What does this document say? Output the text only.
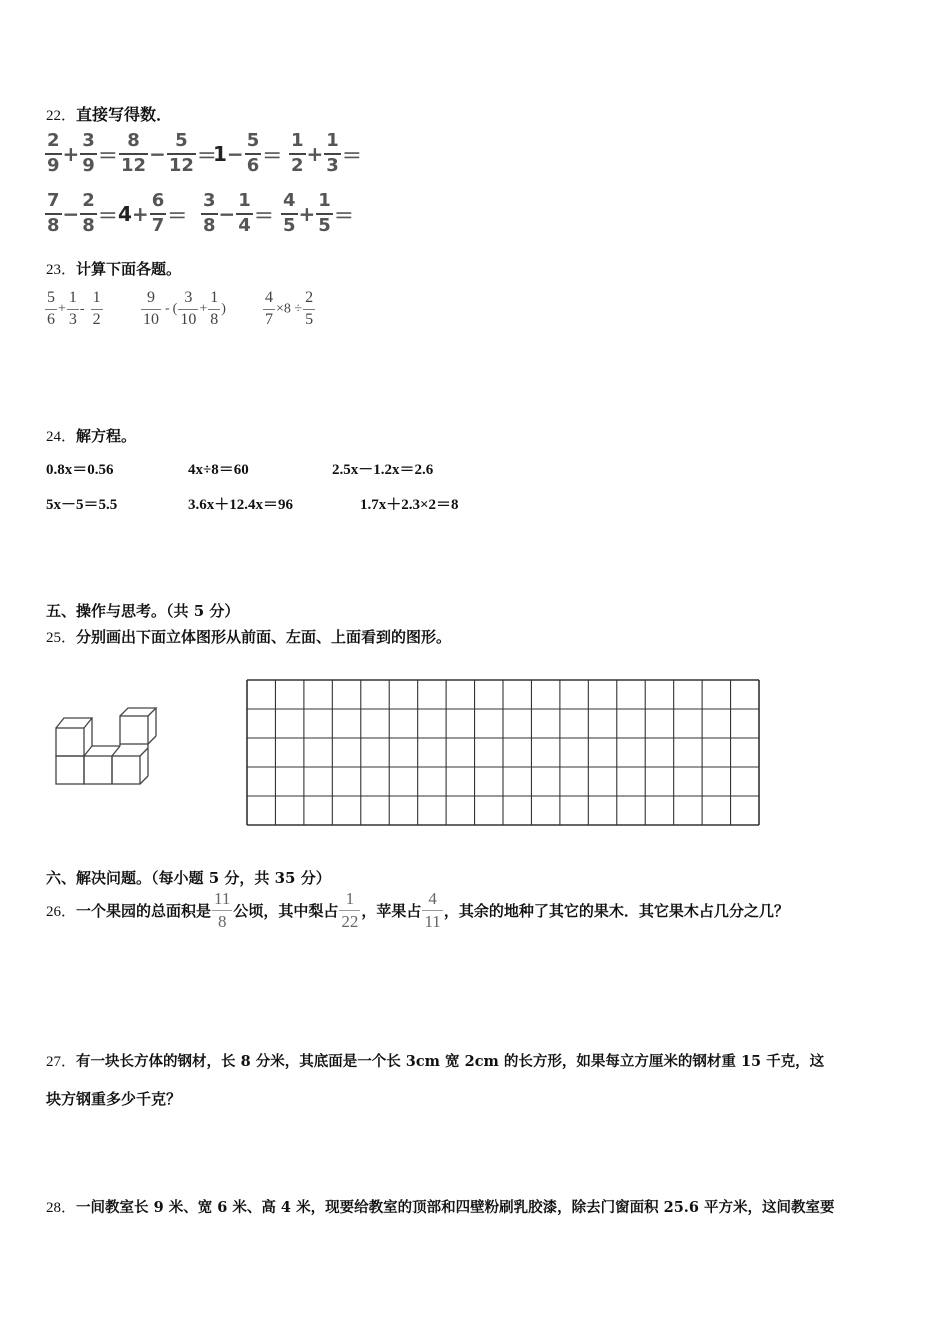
22．直接写得数．
$\frac{2}{9} + \frac{3}{9} = \frac{8}{12} - \frac{5}{12}$ ＝
$1- \frac{5}{6} = \frac{1}{2} + \frac{1}{3}$ ＝
$\frac{7}{8} - \frac{2}{8} = 4+ \frac{6}{7} = \frac{3}{8} - \frac{1}{4} = \frac{4}{5} + \frac{1}{5}$ ＝
23．计算下面各题。
$\frac{5}{6} + \frac{1}{3} - \frac{1}{2} \frac{9}{10}$ - ( $\frac{3}{10} + \frac{1}{8}$ ) $\frac{4}{7} \times 8 \div \frac{2}{5}$
24．解方程。
0.8x＝0.56	4x÷8＝60	2.5x－1.2x＝2.6
5x－5＝5.5	3.6x＋12.4x＝96	1.7x＋2.3×2＝8
五、操作与思考。（共 5 分）
25．分别画出下面立体图形从前面、左面、上面看到的图形。
六、解决问题。（每小题 5 分，共 35 分）
26． 一个果园的总面积是 $\frac{11}{8}$ 公顷，其中梨占 $\frac{1}{22}$ ，苹果占 $\frac{4}{11}$ ，其余的地种了其它的果木．其它果木占几分之几？
27．有一块长方体的钢材，长 8 分米，其底面是一个长 3cm 宽 2cm 的长方形，如果每立方厘米的钢材重 15 千克，这
块方钢重多少千克？
28．一间教室长 9 米、宽 6 米、高 4 米，现要给教室的顶部和四壁粉刷乳胶漆，除去门窗面积 25.6 平方米，这间教室要
